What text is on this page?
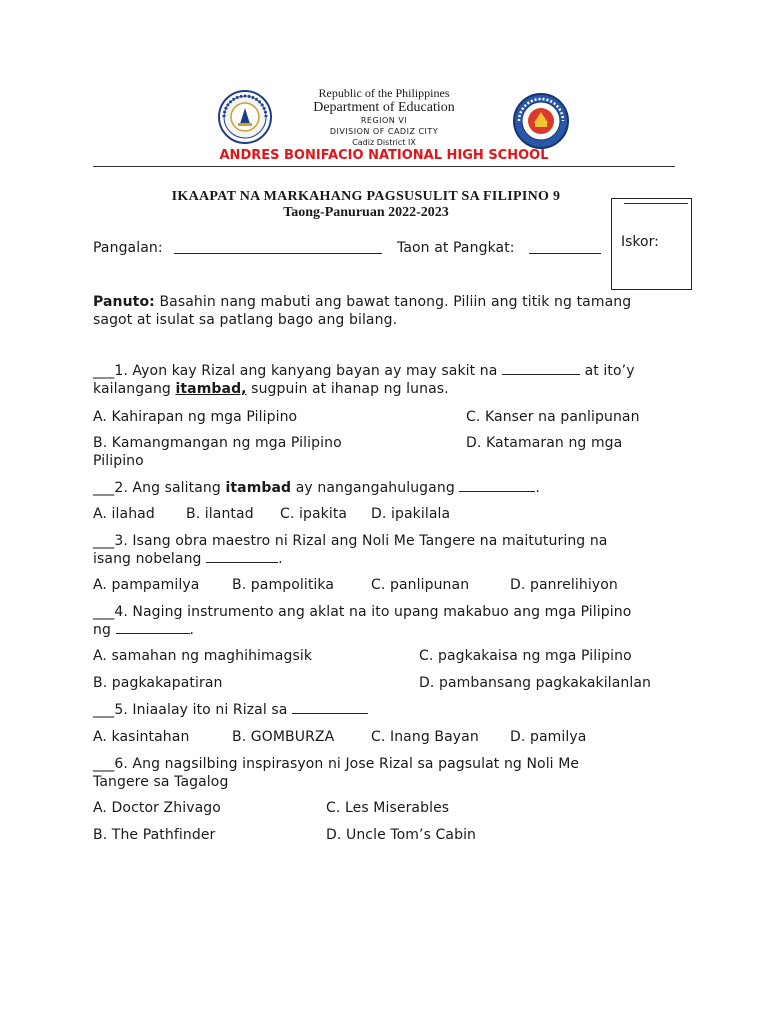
Republic of the Philippines
Department of Education
REGION VI
DIVISION OF CADIZ CITY
Cadiz District IX
ANDRES BONIFACIO NATIONAL HIGH SCHOOL
IKAAPAT NA MARKAHANG PAGSUSULIT SA FILIPINO 9
Taong-Panuruan 2022-2023
Iskor:
Pangalan:	Taon at Pangkat:
Panuto: Basahin nang mabuti ang bawat tanong. Piliin ang titik ng tamang
sagot at isulat sa patlang bago ang bilang.
___1. Ayon kay Rizal ang kanyang bayan ay may sakit na	at ito’y
kailangang itambad, sugpuin at ihanap ng lunas.
A. Kahirapan ng mga Pilipino	C. Kanser na panlipunan
B. Kamangmangan ng mga Pilipino	D. Katamaran ng mga
Pilipino
___2. Ang salitang itambad ay nangangahulugang	.
A. ilahad B. ilantad C. ipakita D. ipakilala
___3. Isang obra maestro ni Rizal ang Noli Me Tangere na maituturing na
isang nobelang	.
A. pampamilya B. pampolitika	C. panlipunan	D. panrelihiyon
___4. Naging instrumento ang aklat na ito upang makabuo ang mga Pilipino
ng	.
A. samahan ng maghihimagsik	C. pagkakaisa ng mga Pilipino
B. pagkakapatiran	D. pambansang pagkakakilanlan
___5. Iniaalay ito ni Rizal sa
A. kasintahan	B. GOMBURZA	C. Inang Bayan D. pamilya
___6. Ang nagsilbing inspirasyon ni Jose Rizal sa pagsulat ng Noli Me
Tangere sa Tagalog
A. Doctor Zhivago	C. Les Miserables
B. The Pathfinder	D. Uncle Tom’s Cabin
